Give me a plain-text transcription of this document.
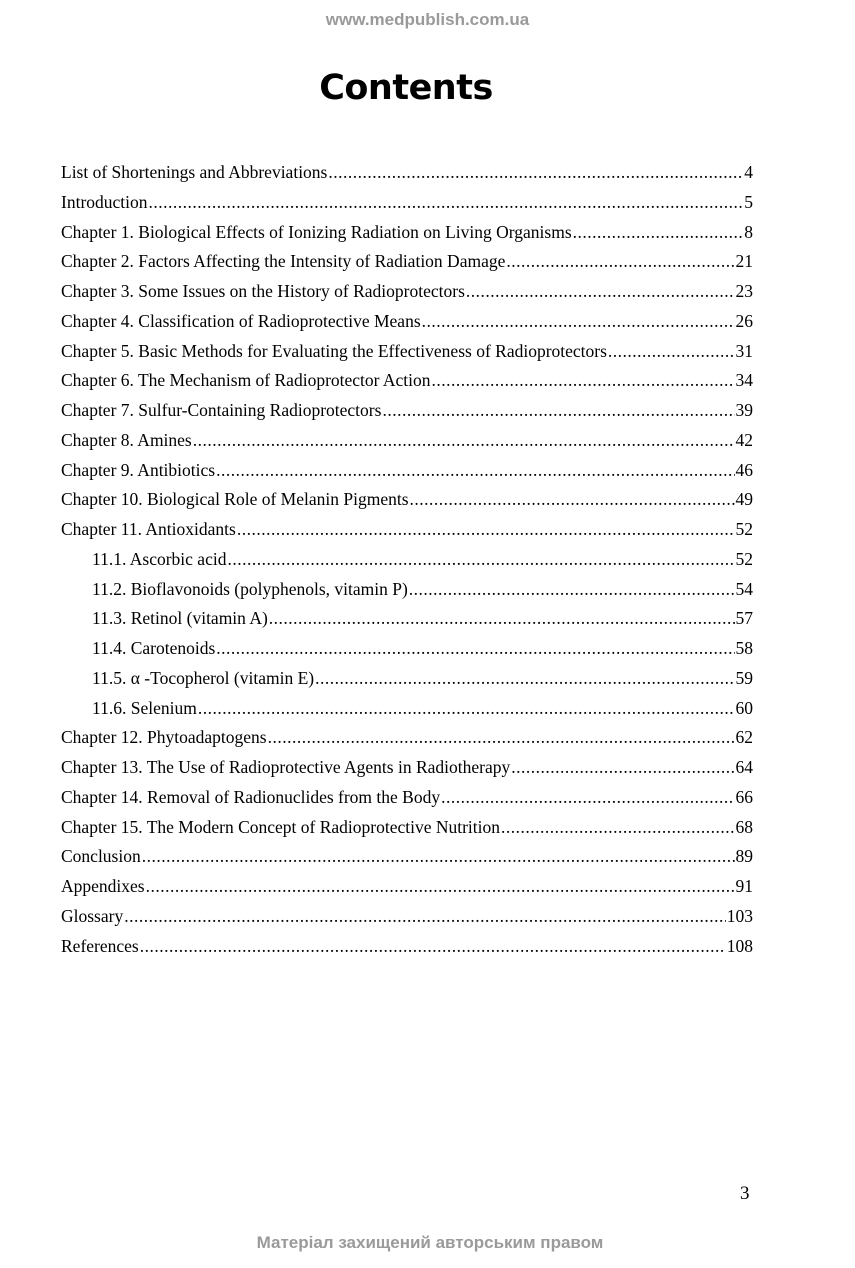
www.medpublish.com.ua
Contents
List of Shortenings and Abbreviations .....	4
Introduction .....	5
Chapter 1. Biological Effects of Ionizing Radiation on Living Organisms .....	8
Chapter 2. Factors Affecting the Intensity of Radiation Damage .....	21
Chapter 3. Some Issues on the History of Radioprotectors .....	23
Chapter 4. Classification of Radioprotective Means .....	26
Chapter 5. Basic Methods for Evaluating the Effectiveness of Radioprotectors .....	31
Chapter 6. The Mechanism of Radioprotector Action .....	34
Chapter 7. Sulfur-Containing Radioprotectors .....	39
Chapter 8. Amines .....	42
Chapter 9. Antibiotics .....	46
Chapter 10. Biological Role of Melanin Pigments .....	49
Chapter 11. Antioxidants .....	52
11.1. Ascorbic acid .....	52
11.2. Bioflavonoids (polyphenols, vitamin P) .....	54
11.3. Retinol (vitamin A) .....	57
11.4. Carotenoids .....	58
11.5. α -Tocopherol (vitamin E) .....	59
11.6. Selenium .....	60
Chapter 12. Phytoadaptogens .....	62
Chapter 13. The Use of Radioprotective Agents in Radiotherapy .....	64
Chapter 14. Removal of Radionuclides from the Body .....	66
Chapter 15. The Modern Concept of Radioprotective Nutrition .....	68
Conclusion .....	89
Appendixes .....	91
Glossary .....	103
References .....	108
3
Матеріал захищений авторським правом
